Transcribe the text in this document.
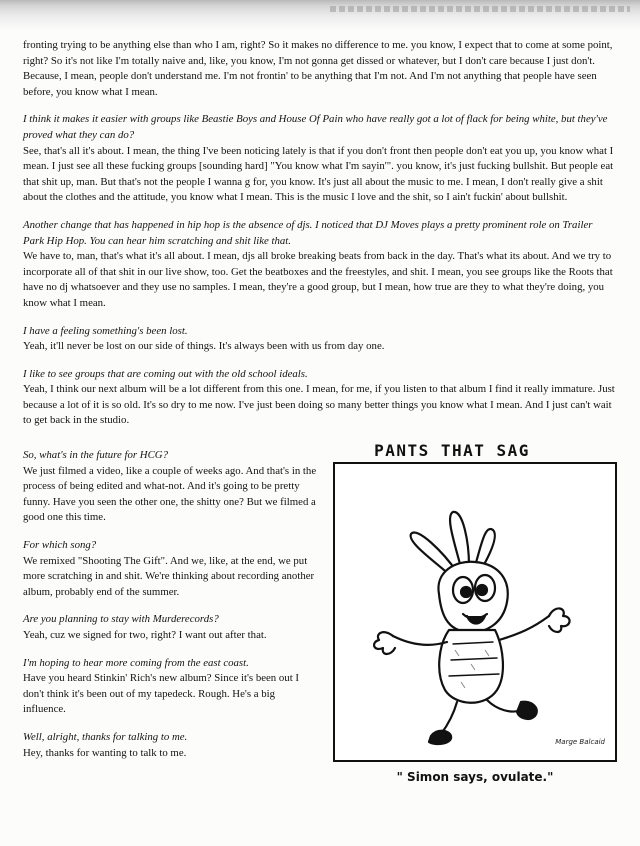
fronting trying to be anything else than who I am, right? So it makes no difference to me. you know, I expect that to come at some point, right? So it's not like I'm totally naive and, like, you know, I'm not gonna get dissed or whatever, but I don't care because I just don't. Because, I mean, people don't understand me. I'm not frontin' to be anything that I'm not. And I'm not anything that people have seen before, you know what I mean.
I think it makes it easier with groups like Beastie Boys and House Of Pain who have really got a lot of flack for being white, but they've proved what they can do?
See, that's all it's about. I mean, the thing I've been noticing lately is that if you don't front then people don't eat you up, you know what I mean. I just see all these fucking groups [sounding hard] "You know what I'm sayin'". you know, it's just fucking bullshit. But people eat that shit up, man. But that's not the people I wanna g for, you know. It's just all about the music to me. I mean, I don't really give a shit about the clothes and the attitude, you know what I mean. This is the music I love and the shit, so I ain't fuckin' about bullshit.
Another change that has happened in hip hop is the absence of djs. I noticed that DJ Moves plays a pretty prominent role on Trailer Park Hip Hop. You can hear him scratching and shit like that.
We have to, man, that's what it's all about. I mean, djs all broke breaking beats from back in the day. That's what its about. And we try to incorporate all of that shit in our live show, too. Get the beatboxes and the freestyles, and shit. I mean, you see groups like the Roots that have no dj whatsoever and they use no samples. I mean, they're a good group, but I mean, how true are they to what they're doing, you know what I mean.
I have a feeling something's been lost.
Yeah, it'll never be lost on our side of things. It's always been with us from day one.
I like to see groups that are coming out with the old school ideals.
Yeah, I think our next album will be a lot different from this one. I mean, for me, if you listen to that album I find it really immature. Just because a lot of it is so old. It's so dry to me now. I've just been doing so many better things you know what I mean. And I just can't wait to get back in the studio.
So, what's in the future for HCG?
We just filmed a video, like a couple of weeks ago. And that's in the process of being edited and what-not. And it's going to be pretty funny. Have you seen the other one, the shitty one? But we filmed a good one this time.
For which song?
We remixed "Shooting The Gift". And we, like, at the end, we put more scratching in and shit. We're thinking about recording another album, probably end of the summer.
Are you planning to stay with Murderecords?
Yeah, cuz we signed for two, right? I want out after that.
I'm hoping to hear more coming from the east coast.
Have you heard Stinkin' Rich's new album? Since it's been out I don't think it's been out of my tapedeck. Rough. He's a big influence.
Well, alright, thanks for talking to me.
Hey, thanks for wanting to talk to me.
PANTS THAT SAG
Marge Balcaid
" Simon says, ovulate."
